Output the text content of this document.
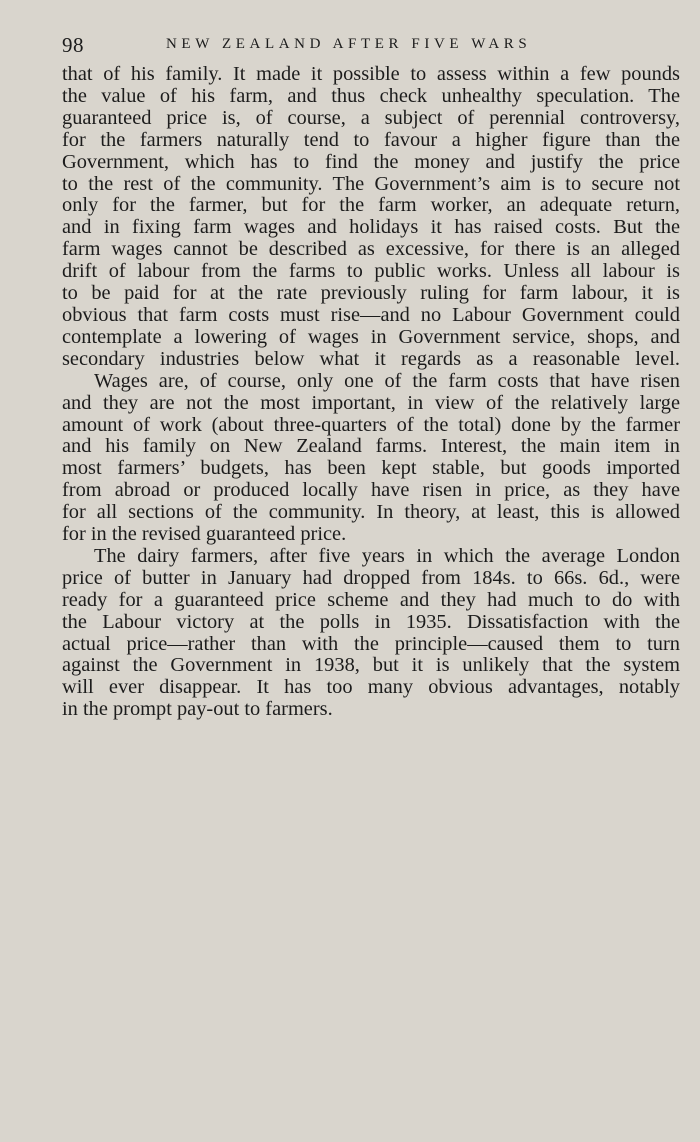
98	NEW ZEALAND AFTER FIVE WARS
that of his family. It made it possible to assess within a few pounds
the value of his farm, and thus check unhealthy speculation. The
guaranteed price is, of course, a subject of perennial controversy,
for the farmers naturally tend to favour a higher figure than the
Government, which has to find the money and justify the price
to the rest of the community. The Government’s aim is to secure not
only for the farmer, but for the farm worker, an adequate return,
and in fixing farm wages and holidays it has raised costs. But the
farm wages cannot be described as excessive, for there is an alleged
drift of labour from the farms to public works. Unless all labour is
to be paid for at the rate previously ruling for farm labour, it is
obvious that farm costs must rise—and no Labour Government could
contemplate a lowering of wages in Government service, shops, and
secondary industries below what it regards as a reasonable level.
Wages are, of course, only one of the farm costs that have risen
and they are not the most important, in view of the relatively large
amount of work (about three-quarters of the total) done by the farmer
and his family on New Zealand farms. Interest, the main item in
most farmers’ budgets, has been kept stable, but goods imported
from abroad or produced locally have risen in price, as they have
for all sections of the community. In theory, at least, this is allowed
for in the revised guaranteed price.
The dairy farmers, after five years in which the average London
price of butter in January had dropped from 184s. to 66s. 6d., were
ready for a guaranteed price scheme and they had much to do with
the Labour victory at the polls in 1935. Dissatisfaction with the
actual price—rather than with the principle—caused them to turn
against the Government in 1938, but it is unlikely that the system
will ever disappear. It has too many obvious advantages, notably
in the prompt pay-out to farmers.
